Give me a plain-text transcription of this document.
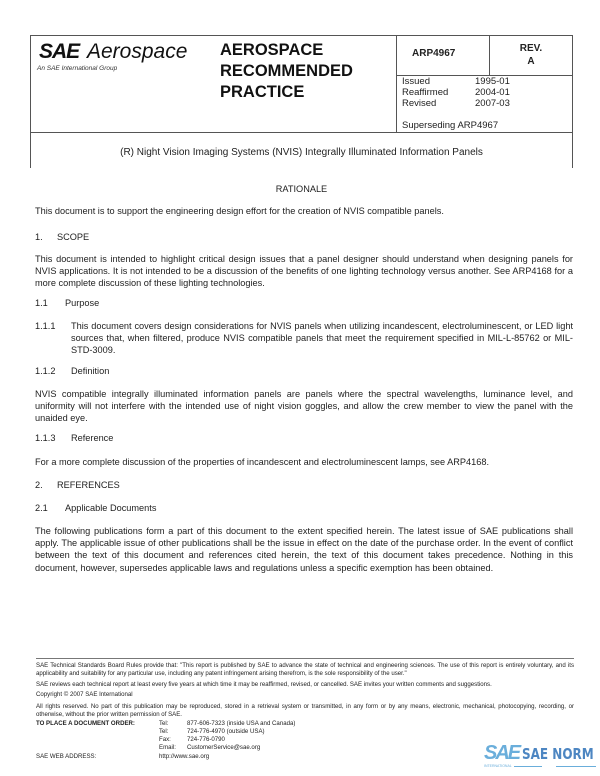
SAE Aerospace
An SAE International Group
AEROSPACE
RECOMMENDED
PRACTICE
ARP4967	REV.
A
Issued	1995-01
Reaffirmed	2004-01
Revised	2007-03
Superseding ARP4967
(R) Night Vision Imaging Systems (NVIS) Integrally Illuminated Information Panels
RATIONALE
This document is to support the engineering design effort for the creation of NVIS compatible panels.
1. SCOPE
This document is intended to highlight critical design issues that a panel designer should understand when designing panels for NVIS applications. It is not intended to be a discussion of the benefits of one lighting technology versus another. See ARP4168 for a more complete discussion of these lighting technologies.
1.1 Purpose
1.1.1 This document covers design considerations for NVIS panels when utilizing incandescent, electroluminescent, or LED light sources that, when filtered, produce NVIS compatible panels that meet the requirement specified in MIL-L-85762 or MIL-STD-3009.
1.1.2 Definition
NVIS compatible integrally illuminated information panels are panels where the spectral wavelengths, luminance level, and uniformity will not interfere with the intended use of night vision goggles, and allow the crew member to view the panel with the unaided eye.
1.1.3 Reference
For a more complete discussion of the properties of incandescent and electroluminescent lamps, see ARP4168.
2. REFERENCES
2.1 Applicable Documents
The following publications form a part of this document to the extent specified herein. The latest issue of SAE publications shall apply. The applicable issue of other publications shall be the issue in effect on the date of the purchase order. In the event of conflict between the text of this document and references cited herein, the text of this document takes precedence. Nothing in this document, however, supersedes applicable laws and regulations unless a specific exemption has been obtained.
SAE Technical Standards Board Rules provide that: "This report is published by SAE to advance the state of technical and engineering sciences. The use of this report is entirely voluntary, and its applicability and suitability for any particular use, including any patent infringement arising therefrom, is the sole responsibility of the user."
SAE reviews each technical report at least every five years at which time it may be reaffirmed, revised, or cancelled. SAE invites your written comments and suggestions.
Copyright © 2007 SAE International
All rights reserved. No part of this publication may be reproduced, stored in a retrieval system or transmitted, in any form or by any means, electronic, mechanical, photocopying, recording, or otherwise, without the prior written permission of SAE.
TO PLACE A DOCUMENT ORDER:	Tel:	877-606-7323 (inside USA and Canada)
Tel:	724-776-4970 (outside USA)
Fax:	724-776-0790
Email: CustomerService@sae.org
SAE WEB ADDRESS:	http://www.sae.org	SAE SAE NORM
INTERNATIONAL
